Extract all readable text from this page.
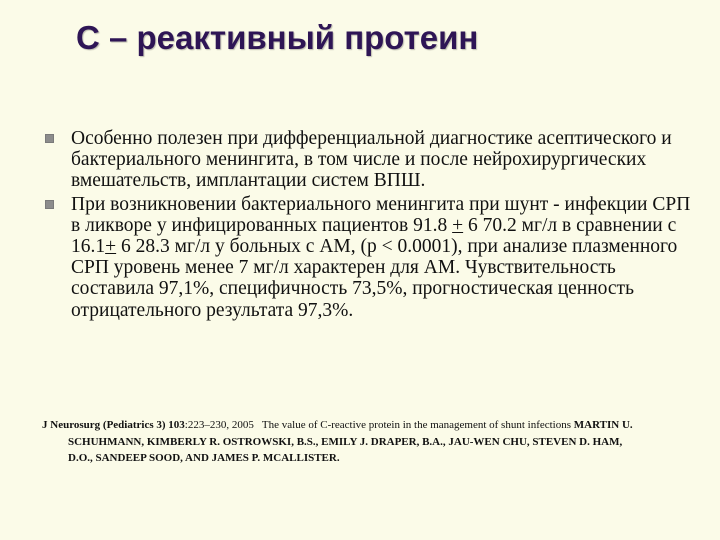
C – реактивный протеин
Особенно полезен при дифференциальной диагностике асептического и бактериального менингита, в том числе и после нейрохирургических вмешательств, имплантации систем ВПШ.
При возникновении бактериального менингита при шунт - инфекции СРП в ликворе у инфицированных пациентов 91.8 + 6 70.2 мг/л в сравнении с 16.1+ 6 28.3 мг/л у больных с АМ, (p < 0.0001), при анализе плазменного СРП уровень менее 7 мг/л характерен для АМ. Чувствительность составила 97,1%, специфичность 73,5%, прогностическая ценность отрицательного результата 97,3%.

J Neurosurg (Pediatrics 3) 103:223–230, 2005 The value of C-reactive protein in the management of shunt infections MARTIN U.
SCHUHMANN, KIMBERLY R. OSTROWSKI, B.S., EMILY J. DRAPER, B.A., JAU-WEN CHU, STEVEN D. HAM,
D.O., SANDEEP SOOD, AND JAMES P. MCALLISTER.
